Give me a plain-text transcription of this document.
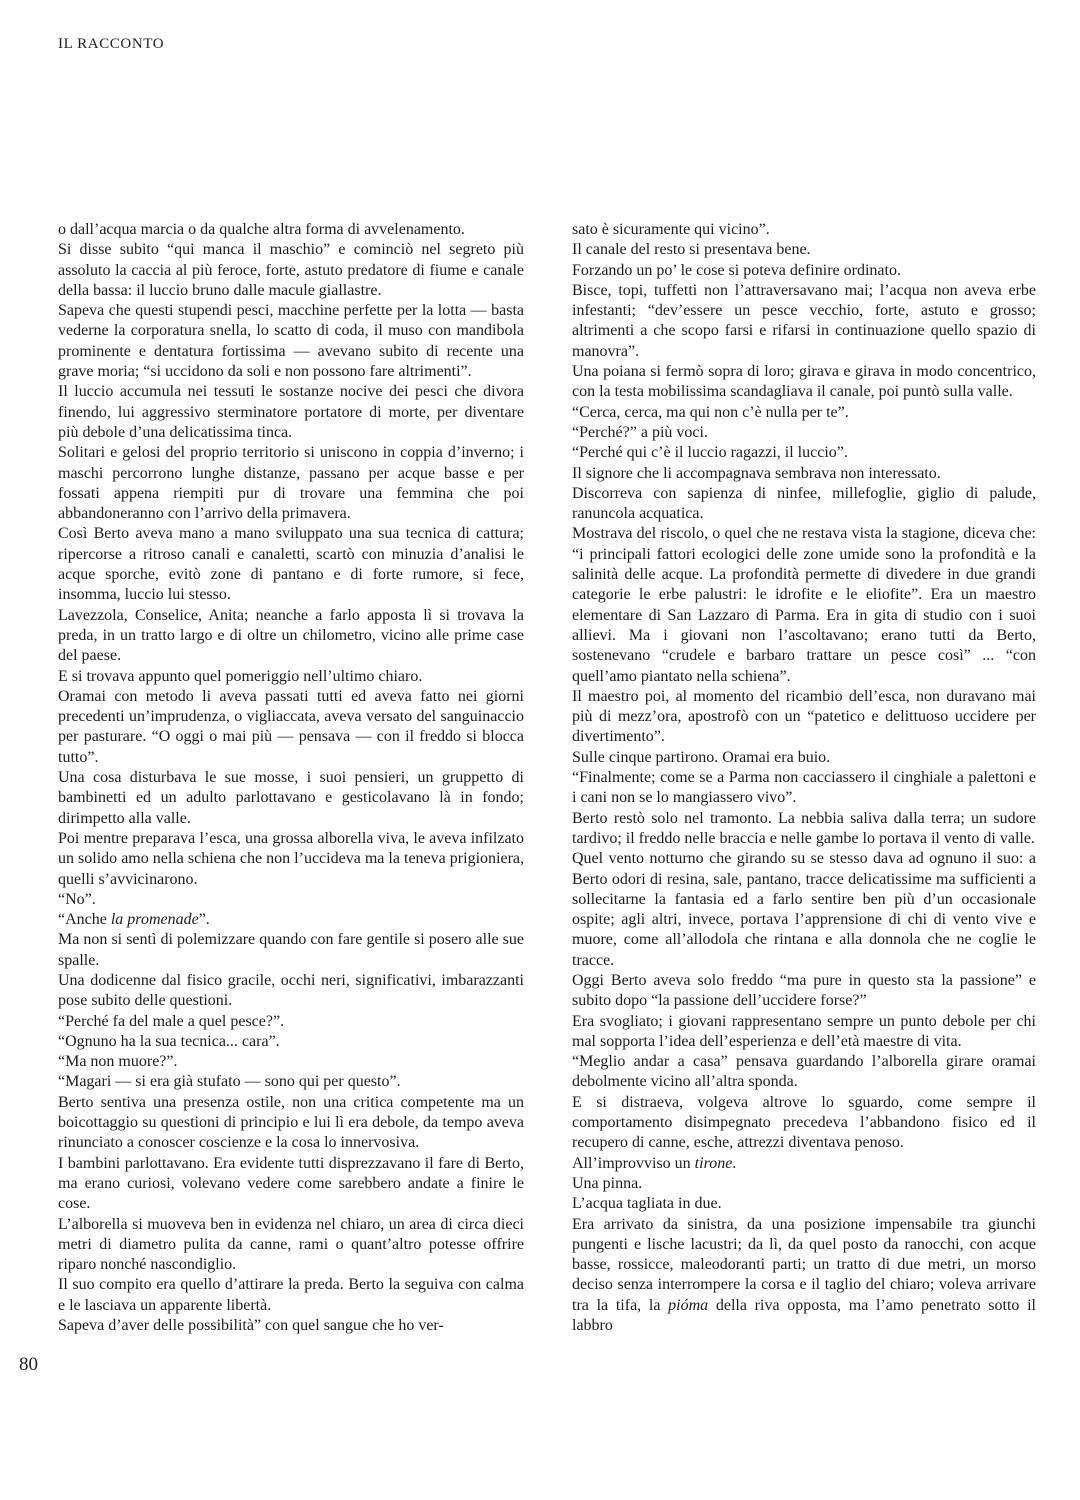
IL RACCONTO
80

o dall’acqua marcia o da qualche altra forma di avvelenamento.

Si disse subito “qui manca il maschio” e cominciò nel segreto più assoluto la caccia al più feroce, forte, astuto predatore di fiume e canale della bassa: il luccio bruno dalle macule giallastre.

Sapeva che questi stupendi pesci, macchine perfette per la lotta — basta vederne la corporatura snella, lo scatto di coda, il muso con mandibola prominente e dentatura fortissima — avevano subito di recente una grave moria; “si uccidono da soli e non possono fare altrimenti”.

Il luccio accumula nei tessuti le sostanze nocive dei pesci che divora finendo, lui aggressivo sterminatore portatore di morte, per diventare più debole d’una delicatissima tinca.

Solitari e gelosi del proprio territorio si uniscono in coppia d’inverno; i maschi percorrono lunghe distanze, passano per acque basse e per fossati appena riempiti pur di trovare una femmina che poi abbandoneranno con l’arrivo della primavera.

Così Berto aveva mano a mano sviluppato una sua tecnica di cattura; ripercorse a ritroso canali e canaletti, scartò con minuzia d’analisi le acque sporche, evitò zone di pantano e di forte rumore, si fece, insomma, luccio lui stesso.

Lavezzola, Conselice, Anita; neanche a farlo apposta lì si trovava la preda, in un tratto largo e di oltre un chilometro, vicino alle prime case del paese.

E si trovava appunto quel pomeriggio nell’ultimo chiaro.

Oramai con metodo li aveva passati tutti ed aveva fatto nei giorni precedenti un’imprudenza, o vigliaccata, aveva versato del sanguinaccio per pasturare. “O oggi o mai più — pensava — con il freddo si blocca tutto”.

Una cosa disturbava le sue mosse, i suoi pensieri, un gruppetto di bambinetti ed un adulto parlottavano e gesticolavano là in fondo; dirimpetto alla valle.

Poi mentre preparava l’esca, una grossa alborella viva, le aveva infilzato un solido amo nella schiena che non l’uccideva ma la teneva prigioniera, quelli s’avvicinarono.

“No”.

“Anche la promenade”.

Ma non si sentì di polemizzare quando con fare gentile si posero alle sue spalle.

Una dodicenne dal fisico gracile, occhi neri, significativi, imbarazzanti pose subito delle questioni.

“Perché fa del male a quel pesce?”.

“Ognuno ha la sua tecnica... cara”.

“Ma non muore?”.

“Magari — si era già stufato — sono qui per questo”.

Berto sentiva una presenza ostile, non una critica competente ma un boicottaggio su questioni di principio e lui lì era debole, da tempo aveva rinunciato a conoscer coscienze e la cosa lo innervosiva.

I bambini parlottavano. Era evidente tutti disprezzavano il fare di Berto, ma erano curiosi, volevano vedere come sarebbero andate a finire le cose.

L’alborella si muoveva ben in evidenza nel chiaro, un area di circa dieci metri di diametro pulita da canne, rami o quant’altro potesse offrire riparo nonché nascondiglio.

Il suo compito era quello d’attirare la preda. Berto la seguiva con calma e le lasciava un apparente libertà.

Sapeva d’aver delle possibilità” con quel sangue che ho ver-

sato è sicuramente qui vicino”.

Il canale del resto si presentava bene.

Forzando un po’ le cose si poteva definire ordinato.

Bisce, topi, tuffetti non l’attraversavano mai; l’acqua non aveva erbe infestanti; “dev’essere un pesce vecchio, forte, astuto e grosso; altrimenti a che scopo farsi e rifarsi in continuazione quello spazio di manovra”.

Una poiana si fermò sopra di loro; girava e girava in modo concentrico, con la testa mobilissima scandagliava il canale, poi puntò sulla valle.

“Cerca, cerca, ma qui non c’è nulla per te”.

“Perché?” a più voci.

“Perché qui c’è il luccio ragazzi, il luccio”.

Il signore che li accompagnava sembrava non interessato.

Discorreva con sapienza di ninfee, millefoglie, giglio di palude, ranuncola acquatica.

Mostrava del riscolo, o quel che ne restava vista la stagione, diceva che: “i principali fattori ecologici delle zone umide sono la profondità e la salinità delle acque. La profondità permette di divedere in due grandi categorie le erbe palustri: le idrofite e le eliofite”. Era un maestro elementare di San Lazzaro di Parma. Era in gita di studio con i suoi allievi. Ma i giovani non l’ascoltavano; erano tutti da Berto, sostenevano “crudele e barbaro trattare un pesce così” ... “con quell’amo piantato nella schiena”.

Il maestro poi, al momento del ricambio dell’esca, non duravano mai più di mezz’ora, apostrofò con un “patetico e delittuoso uccidere per divertimento”.

Sulle cinque partirono. Oramai era buio.

“Finalmente; come se a Parma non cacciassero il cinghiale a palettoni e i cani non se lo mangiassero vivo”.

Berto restò solo nel tramonto. La nebbia saliva dalla terra; un sudore tardivo; il freddo nelle braccia e nelle gambe lo portava il vento di valle.

Quel vento notturno che girando su se stesso dava ad ognuno il suo: a Berto odori di resina, sale, pantano, tracce delicatissime ma sufficienti a sollecitarne la fantasia ed a farlo sentire ben più d’un occasionale ospite; agli altri, invece, portava l’apprensione di chi di vento vive e muore, come all’allodola che rintana e alla donnola che ne coglie le tracce.

Oggi Berto aveva solo freddo “ma pure in questo sta la passione” e subito dopo “la passione dell’uccidere forse?”

Era svogliato; i giovani rappresentano sempre un punto debole per chi mal sopporta l’idea dell’esperienza e dell’età maestre di vita.

“Meglio andar a casa” pensava guardando l’alborella girare oramai debolmente vicino all’altra sponda.

E si distraeva, volgeva altrove lo sguardo, come sempre il comportamento disimpegnato precedeva l’abbandono fisico ed il recupero di canne, esche, attrezzi diventava penoso.

All’improvviso un tirone.

Una pinna.

L’acqua tagliata in due.

Era arrivato da sinistra, da una posizione impensabile tra giunchi pungenti e lische lacustri; da lì, da quel posto da ranocchi, con acque basse, rossicce, maleodoranti parti; un tratto di due metri, un morso deciso senza interrompere la corsa e il taglio del chiaro; voleva arrivare tra la tifa, la pióma della riva opposta, ma l’amo penetrato sotto il labbro
